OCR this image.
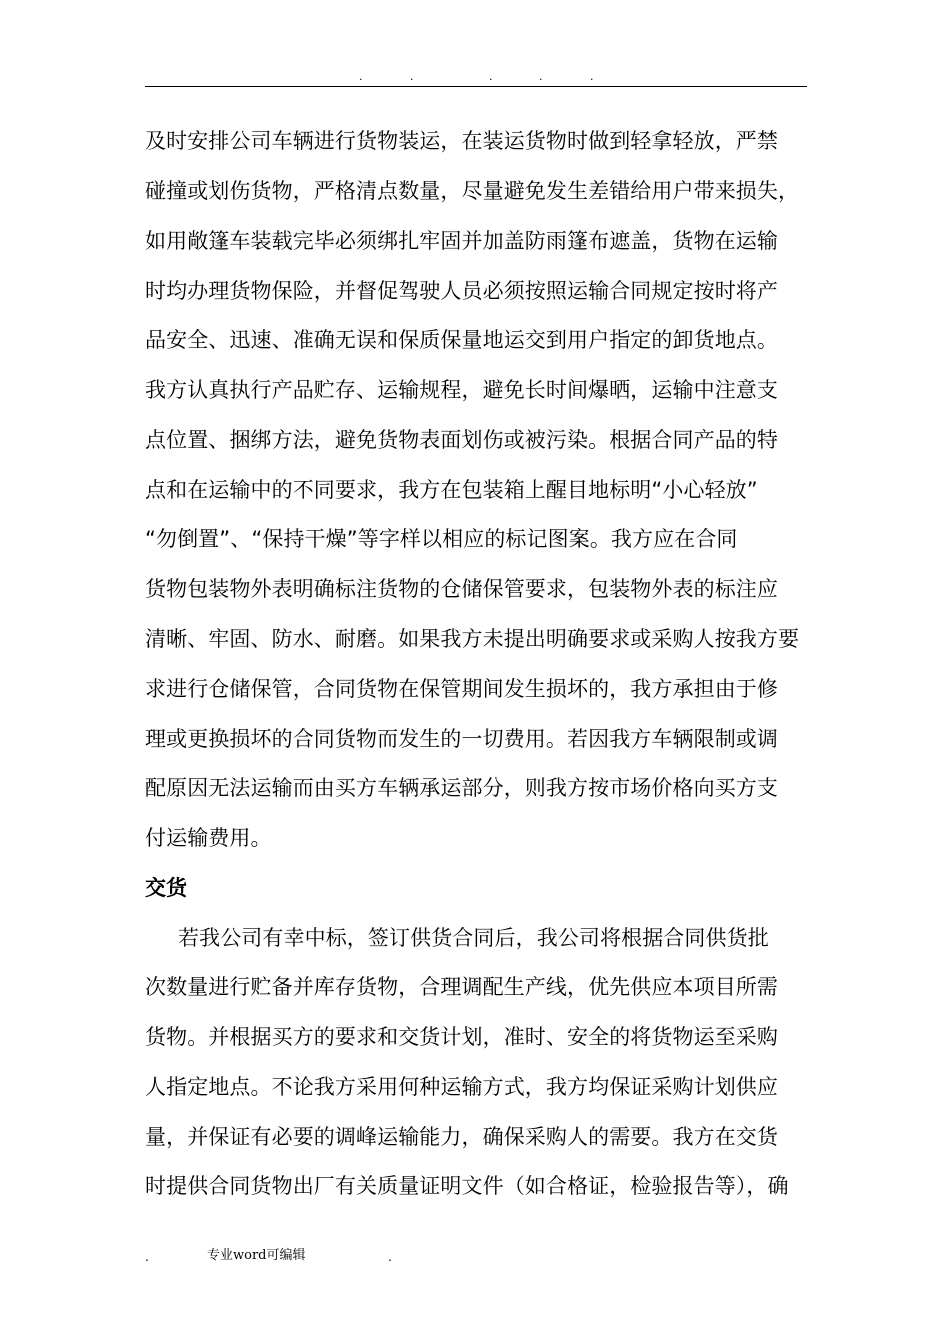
.	.	.	.	.
及时安排公司车辆进行货物装运，在装运货物时做到轻拿轻放，严禁
碰撞或划伤货物，严格清点数量，尽量避免发生差错给用户带来损失，
如用敞篷车装载完毕必须绑扎牢固并加盖防雨篷布遮盖，货物在运输
时均办理货物保险，并督促驾驶人员必须按照运输合同规定按时将产
品安全、迅速、准确无误和保质保量地运交到用户指定的卸货地点。
我方认真执行产品贮存、运输规程，避免长时间爆晒，运输中注意支
点位置、捆绑方法，避免货物表面划伤或被污染。根据合同产品的特
点和在运输中的不同要求，我方在包装箱上醒目地标明“小心轻放”
“勿倒置”、“保持干燥”等字样以相应的标记图案。我方应在合同
货物包装物外表明确标注货物的仓储保管要求，包装物外表的标注应
清晰、牢固、防水、耐磨。如果我方未提出明确要求或采购人按我方要
求进行仓储保管，合同货物在保管期间发生损坏的，我方承担由于修
理或更换损坏的合同货物而发生的一切费用。若因我方车辆限制或调
配原因无法运输而由买方车辆承运部分，则我方按市场价格向买方支
付运输费用。
交货
若我公司有幸中标，签订供货合同后，我公司将根据合同供货批
次数量进行贮备并库存货物，合理调配生产线，优先供应本项目所需
货物。并根据买方的要求和交货计划，准时、安全的将货物运至采购
人指定地点。不论我方采用何种运输方式，我方均保证采购计划供应
量，并保证有必要的调峰运输能力，确保采购人的需要。我方在交货
时提供合同货物出厂有关质量证明文件（如合格证，检验报告等），确
.	专业word可编辑	.
